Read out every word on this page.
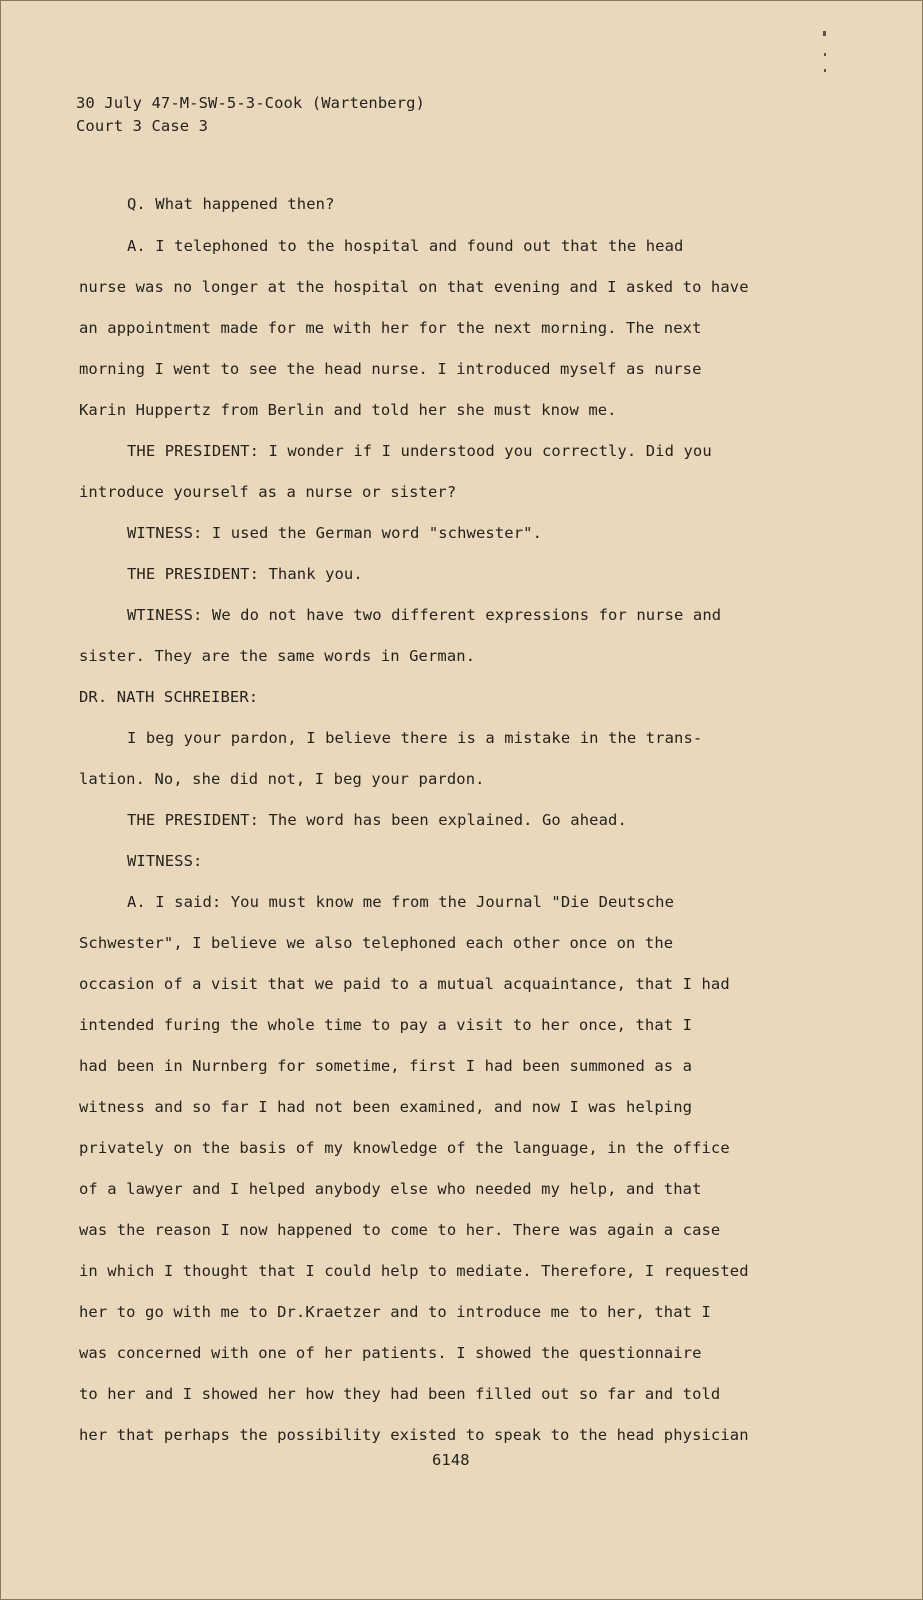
30 July 47-M-SW-5-3-Cook (Wartenberg)
Court 3 Case 3
Q. What happened then?
A. I telephoned to the hospital and found out that the head
nurse was no longer at the hospital on that evening and I asked to have
an appointment made for me with her for the next morning. The next
morning I went to see the head nurse. I introduced myself as nurse
Karin Huppertz from Berlin and told her she must know me.
THE PRESIDENT: I wonder if I understood you correctly. Did you
introduce yourself as a nurse or sister?
WITNESS: I used the German word "schwester".
THE PRESIDENT: Thank you.
WTINESS: We do not have two different expressions for nurse and
sister. They are the same words in German.
DR. NATH SCHREIBER:
I beg your pardon, I believe there is a mistake in the trans-
lation. No, she did not, I beg your pardon.
THE PRESIDENT: The word has been explained. Go ahead.
WITNESS:
A. I said: You must know me from the Journal "Die Deutsche
Schwester", I believe we also telephoned each other once on the
occasion of a visit that we paid to a mutual acquaintance, that I had
intended furing the whole time to pay a visit to her once, that I
had been in Nurnberg for sometime, first I had been summoned as a
witness and so far I had not been examined, and now I was helping
privately on the basis of my knowledge of the language, in the office
of a lawyer and I helped anybody else who needed my help, and that
was the reason I now happened to come to her. There was again a case
in which I thought that I could help to mediate. Therefore, I requested
her to go with me to Dr.Kraetzer and to introduce me to her, that I
was concerned with one of her patients. I showed the questionnaire
to her and I showed her how they had been filled out so far and told
her that perhaps the possibility existed to speak to the head physician
6148
